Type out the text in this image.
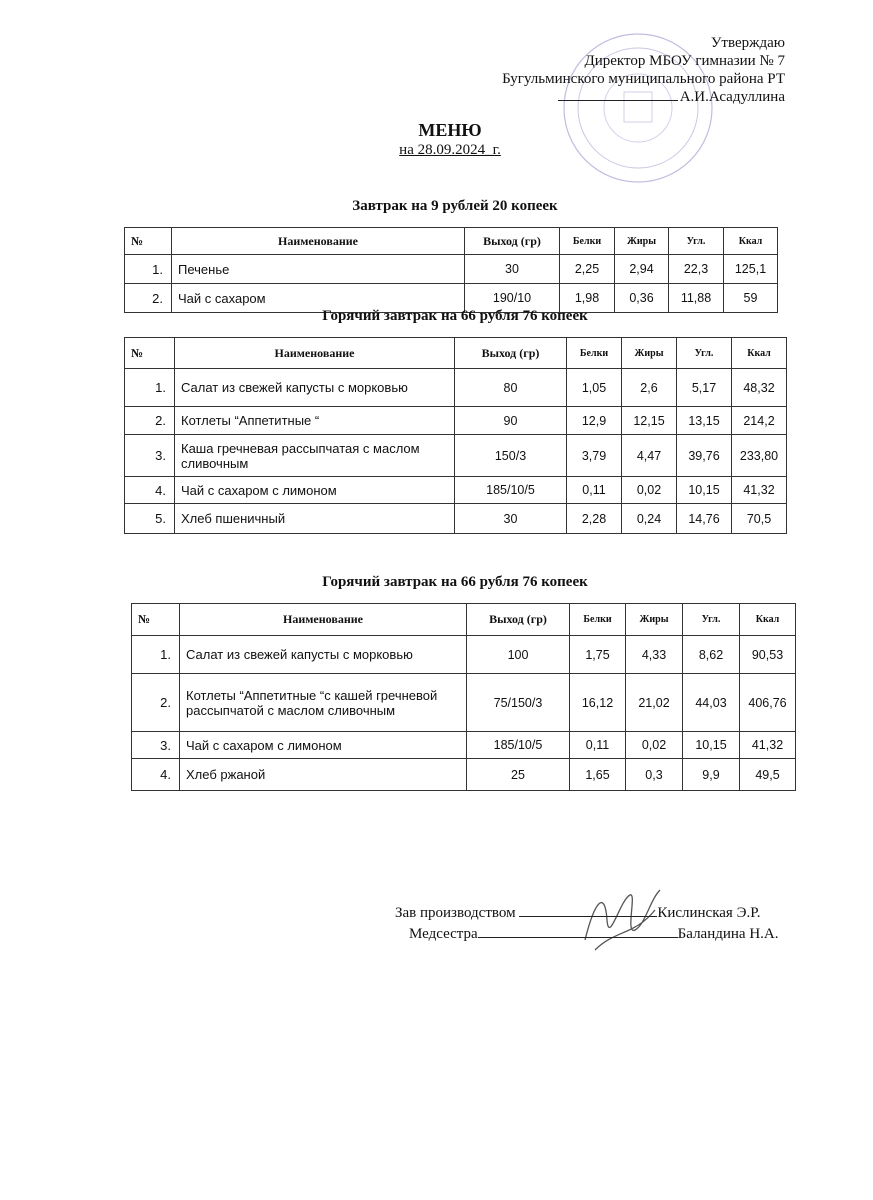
Утверждаю
Директор МБОУ гимназии № 7
Бугульминского муниципального района РТ
А.И.Асадуллина
МЕНЮ
на 28.09.2024_г.
Завтрак на 9 рублей 20 копеек
№	Наименование	Выход (гр)	Белки	Жиры	Угл.	Ккал
1.	Печенье	30	2,25	2,94	22,3	125,1
2.	Чай с сахаром	190/10	1,98	0,36	11,88	59
Горячий завтрак на 66 рубля 76 копеек
№	Наименование	Выход (гр)	Белки	Жиры	Угл.	Ккал
1.	Салат из свежей капусты с морковью	80	1,05	2,6	5,17	48,32
2.	Котлеты “Аппетитные “	90	12,9	12,15	13,15	214,2
3.	Каша гречневая рассыпчатая с маслом сливочным	150/3	3,79	4,47	39,76	233,80
4.	Чай с сахаром с лимоном	185/10/5	0,11	0,02	10,15	41,32
5.	Хлеб пшеничный	30	2,28	0,24	14,76	70,5
Горячий завтрак на 66 рубля 76 копеек
№	Наименование	Выход (гр)	Белки	Жиры	Угл.	Ккал
1.	Салат из свежей капусты с морковью	100	1,75	4,33	8,62	90,53
2.	Котлеты “Аппетитные “с кашей гречневой рассыпчатой с маслом сливочным	75/150/3	16,12	21,02	44,03	406,76
3.	Чай с сахаром с лимоном	185/10/5	0,11	0,02	10,15	41,32
4.	Хлеб ржаной	25	1,65	0,3	9,9	49,5
Зав производством	Кислинская Э.Р.
Медсестра	Баландина Н.А.
